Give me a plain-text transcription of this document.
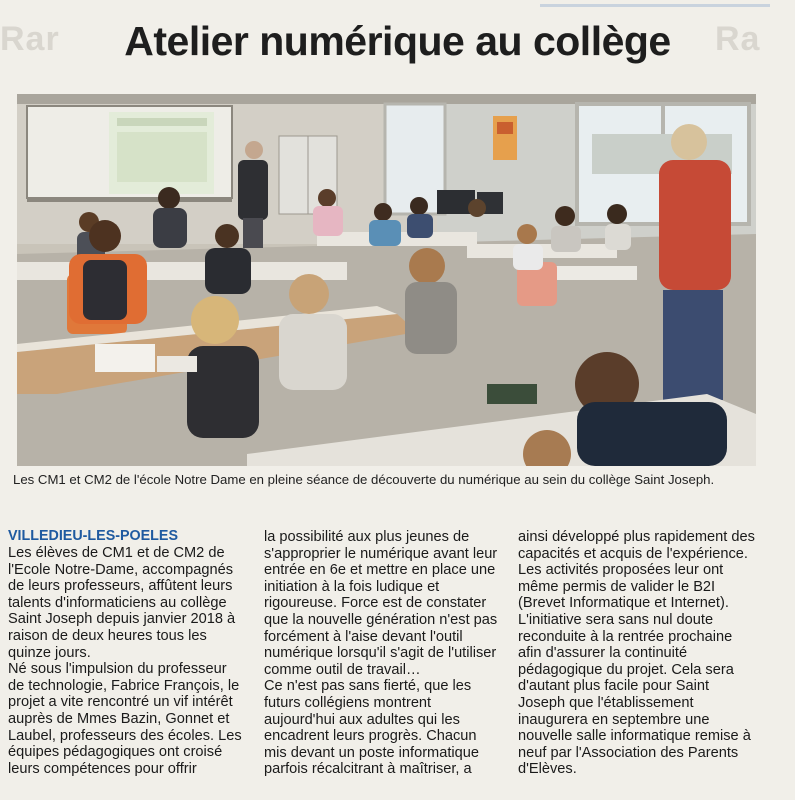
Rar	Ra
Atelier numérique au collège
Les CM1 et CM2 de l'école Notre Dame en pleine séance de découverte du numérique au sein du collège Saint Joseph.
VILLEDIEU-LES-POELES

Les élèves de CM1 et de CM2 de l'Ecole Notre-Dame, accompagnés de leurs professeurs, affûtent leurs talents d'informaticiens au collège Saint Joseph depuis janvier 2018 à raison de deux heures tous les quinze jours.

Né sous l'impulsion du professeur de technologie, Fabrice François, le projet a vite rencontré un vif intérêt auprès de Mmes Bazin, Gonnet et Laubel, professeurs des écoles. Les équipes pédagogiques ont croisé leurs compétences pour offrir

la possibilité aux plus jeunes de s'approprier le numérique avant leur entrée en 6e et mettre en place une initiation à la fois ludique et rigoureuse. Force est de constater que la nouvelle génération n'est pas forcément à l'aise devant l'outil numérique lorsqu'il s'agit de l'utiliser comme outil de travail…

Ce n'est pas sans fierté, que les futurs collégiens montrent aujourd'hui aux adultes qui les encadrent leurs progrès. Chacun mis devant un poste informatique parfois récalcitrant à maîtriser, a

ainsi développé plus rapidement des capacités et acquis de l'expérience.

Les activités proposées leur ont même permis de valider le B2I (Brevet Informatique et Internet). L'initiative sera sans nul doute reconduite à la rentrée prochaine afin d'assurer la continuité pédagogique du projet. Cela sera d'autant plus facile pour Saint Joseph que l'établissement inaugurera en septembre une nouvelle salle informatique remise à neuf par l'Association des Parents d'Elèves.
